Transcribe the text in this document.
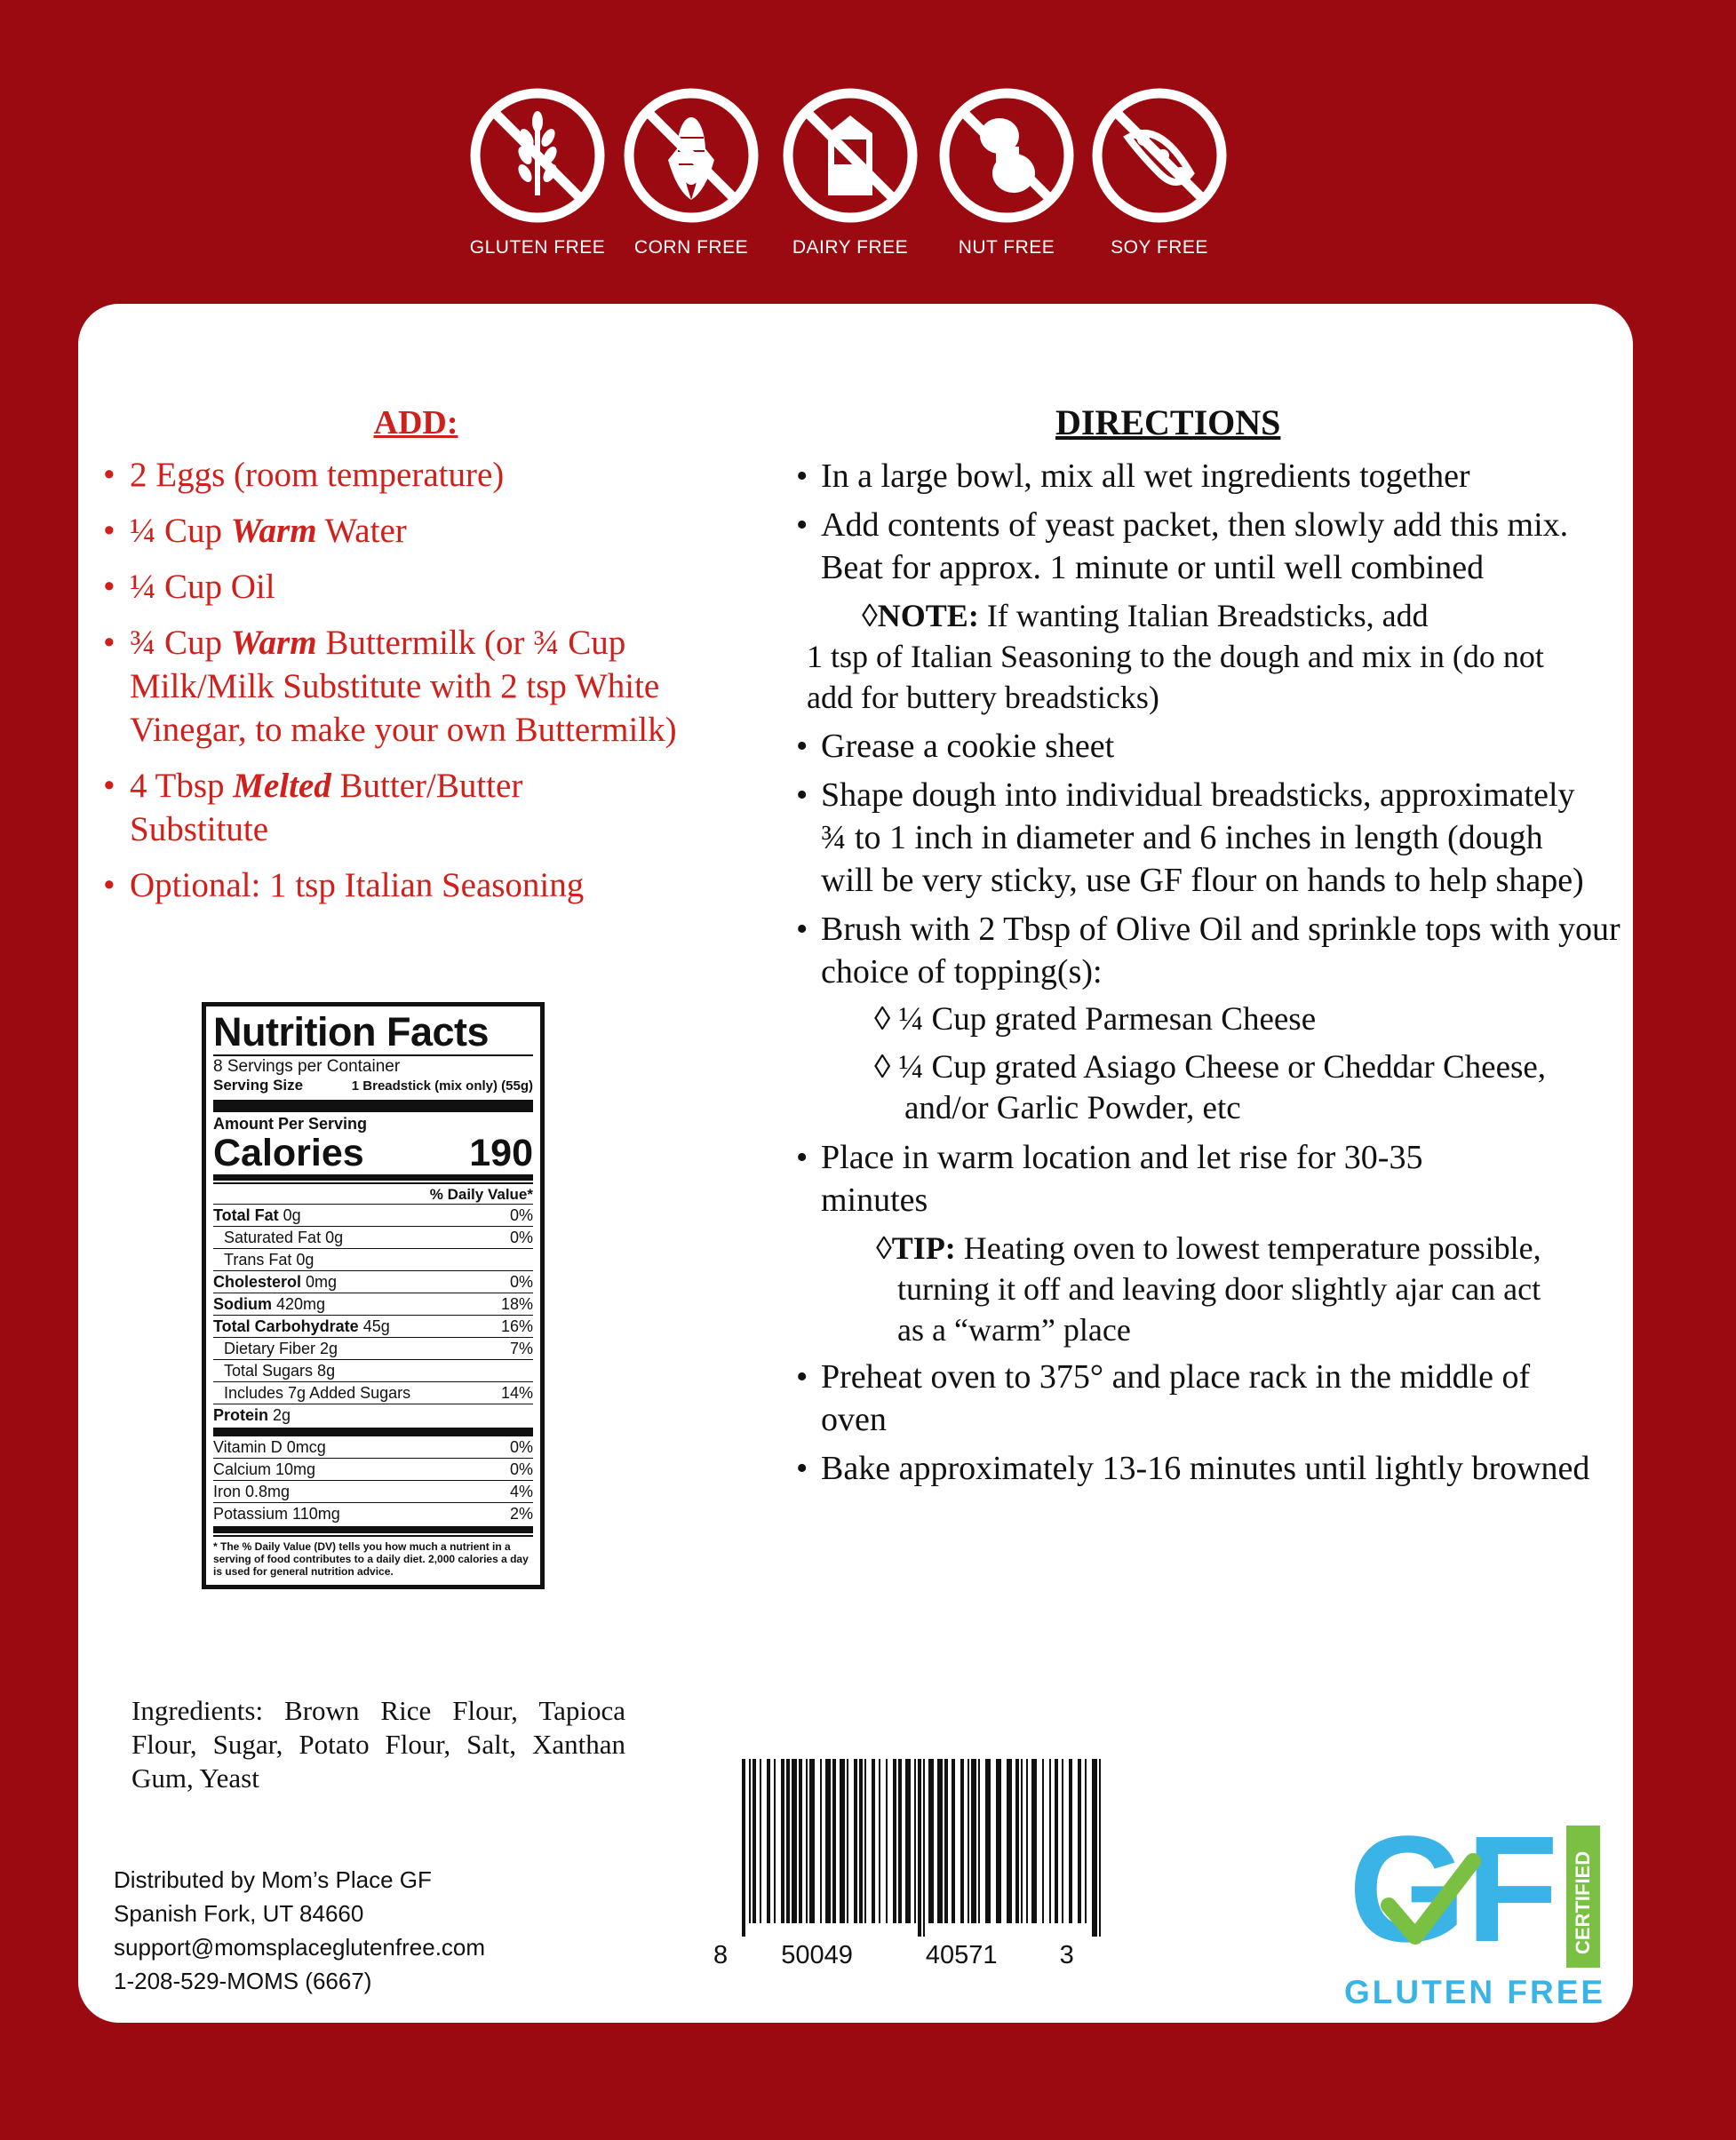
GLUTEN FREE	CORN FREE	DAIRY FREE	NUT FREE	SOY FREE
ADD:
• 2 Eggs (room temperature)
• ¼ Cup Warm Water
• ¼ Cup Oil
• ¾ Cup Warm Buttermilk (or ¾ Cup Milk/Milk Substitute with 2 tsp White Vinegar, to make your own Buttermilk)
• 4 Tbsp Melted Butter/Butter Substitute
• Optional: 1 tsp Italian Seasoning
DIRECTIONS
• In a large bowl, mix all wet ingredients together
• Add contents of yeast packet, then slowly add this mix. Beat for approx. 1 minute or until well combined
◊NOTE: If wanting Italian Breadsticks, add
1 tsp of Italian Seasoning to the dough and mix in (do not add for buttery breadsticks)
• Grease a cookie sheet
• Shape dough into individual breadsticks, approximately ¾ to 1 inch in diameter and 6 inches in length (dough will be very sticky, use GF flour on hands to help shape)
• Brush with 2 Tbsp of Olive Oil and sprinkle tops with your choice of topping(s):
◊ ¼ Cup grated Parmesan Cheese
◊ ¼ Cup grated Asiago Cheese or Cheddar Cheese, and/or Garlic Powder, etc
• Place in warm location and let rise for 30-35 minutes
◊TIP: Heating oven to lowest temperature possible, turning it off and leaving door slightly ajar can act as a “warm” place
• Preheat oven to 375° and place rack in the middle of oven
• Bake approximately 13-16 minutes until lightly browned
Nutrition Facts
8 Servings per Container
Serving Size	1 Breadstick (mix only) (55g)
Amount Per Serving
Calories	190
% Daily Value*
Total Fat 0g	0%
Saturated Fat 0g	0%
Trans Fat 0g
Cholesterol 0mg	0%
Sodium 420mg	18%
Total Carbohydrate 45g	16%
Dietary Fiber 2g	7%
Total Sugars 8g
Includes 7g Added Sugars	14%
Protein 2g
Vitamin D 0mcg	0%
Calcium 10mg	0%
Iron 0.8mg	4%
Potassium 110mg	2%
* The % Daily Value (DV) tells you how much a nutrient in a serving of food contributes to a daily diet. 2,000 calories a day is used for general nutrition advice.
Ingredients: Brown Rice Flour, Tapioca Flour, Sugar, Potato Flour, Salt, Xanthan Gum, Yeast
Distributed by Mom’s Place GF
Spanish Fork, UT 84660
support@momsplaceglutenfree.com
1-208-529-MOMS (6667)
8 50049	40571 3	GF CERTIFIED
GLUTEN FREE
